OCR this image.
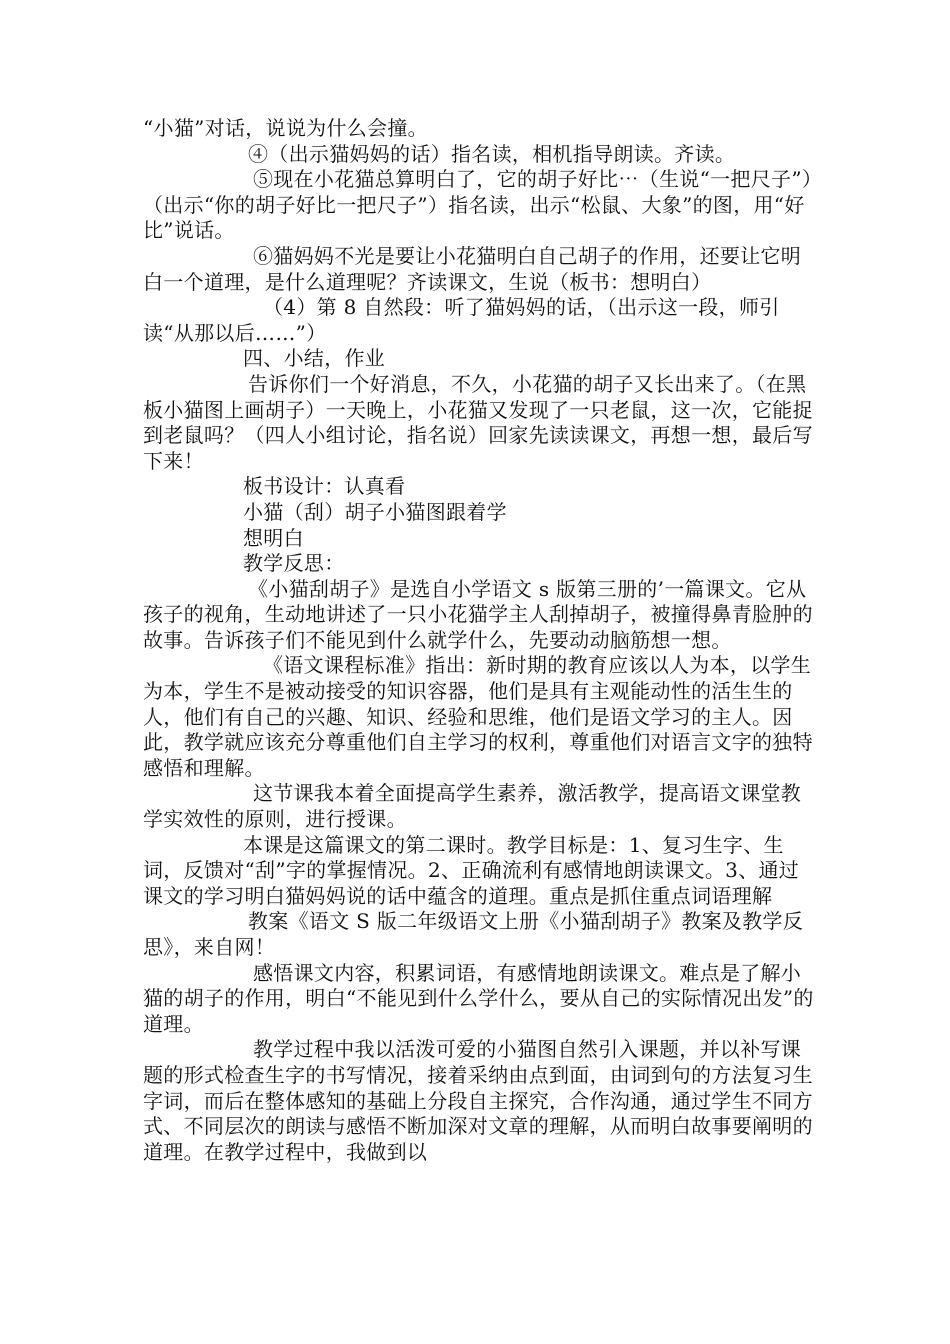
“小猫”对话，说说为什么会撞。

④（出示猫妈妈的话）指名读，相机指导朗读。齐读。

⑤现在小花猫总算明白了，它的胡子好比⋯（生说“一把尺子”）（出示“你的胡子好比一把尺子”）指名读，出示“松鼠、大象”的图，用“好比”说话。

⑥猫妈妈不光是要让小花猫明白自己胡子的作用，还要让它明白一个道理，是什么道理呢？齐读课文，生说（板书：想明白）

（4）第 8 自然段：听了猫妈妈的话，（出示这一段，师引读“从那以后……”）

四、小结，作业

告诉你们一个好消息，不久，小花猫的胡子又长出来了。（在黑板小猫图上画胡子）一天晚上，小花猫又发现了一只老鼠，这一次，它能捉到老鼠吗？（四人小组讨论，指名说）回家先读读课文，再想一想，最后写下来！

板书设计：认真看

小猫（刮）胡子小猫图跟着学

想明白

教学反思：

《小猫刮胡子》是选自小学语文 s 版第三册的’一篇课文。它从孩子的视角，生动地讲述了一只小花猫学主人刮掉胡子，被撞得鼻青脸肿的故事。告诉孩子们不能见到什么就学什么，先要动动脑筋想一想。

《语文课程标准》指出：新时期的教育应该以人为本，以学生为本，学生不是被动接受的知识容器，他们是具有主观能动性的活生生的人，他们有自己的兴趣、知识、经验和思维，他们是语文学习的主人。因此，教学就应该充分尊重他们自主学习的权利，尊重他们对语言文字的独特感悟和理解。

这节课我本着全面提高学生素养，激活教学，提高语文课堂教学实效性的原则，进行授课。

本课是这篇课文的第二课时。教学目标是：1、复习生字、生词，反馈对“刮”字的掌握情况。2、正确流利有感情地朗读课文。3、通过课文的学习明白猫妈妈说的话中蕴含的道理。重点是抓住重点词语理解

教案《语文 S 版二年级语文上册《小猫刮胡子》教案及教学反思》，来自网！

感悟课文内容，积累词语，有感情地朗读课文。难点是了解小猫的胡子的作用，明白“不能见到什么学什么，要从自己的实际情况出发”的道理。

教学过程中我以活泼可爱的小猫图自然引入课题，并以补写课题的形式检查生字的书写情况，接着采纳由点到面，由词到句的方法复习生字词，而后在整体感知的基础上分段自主探究，合作沟通，通过学生不同方式、不同层次的朗读与感悟不断加深对文章的理解，从而明白故事要阐明的道理。在教学过程中，我做到以
